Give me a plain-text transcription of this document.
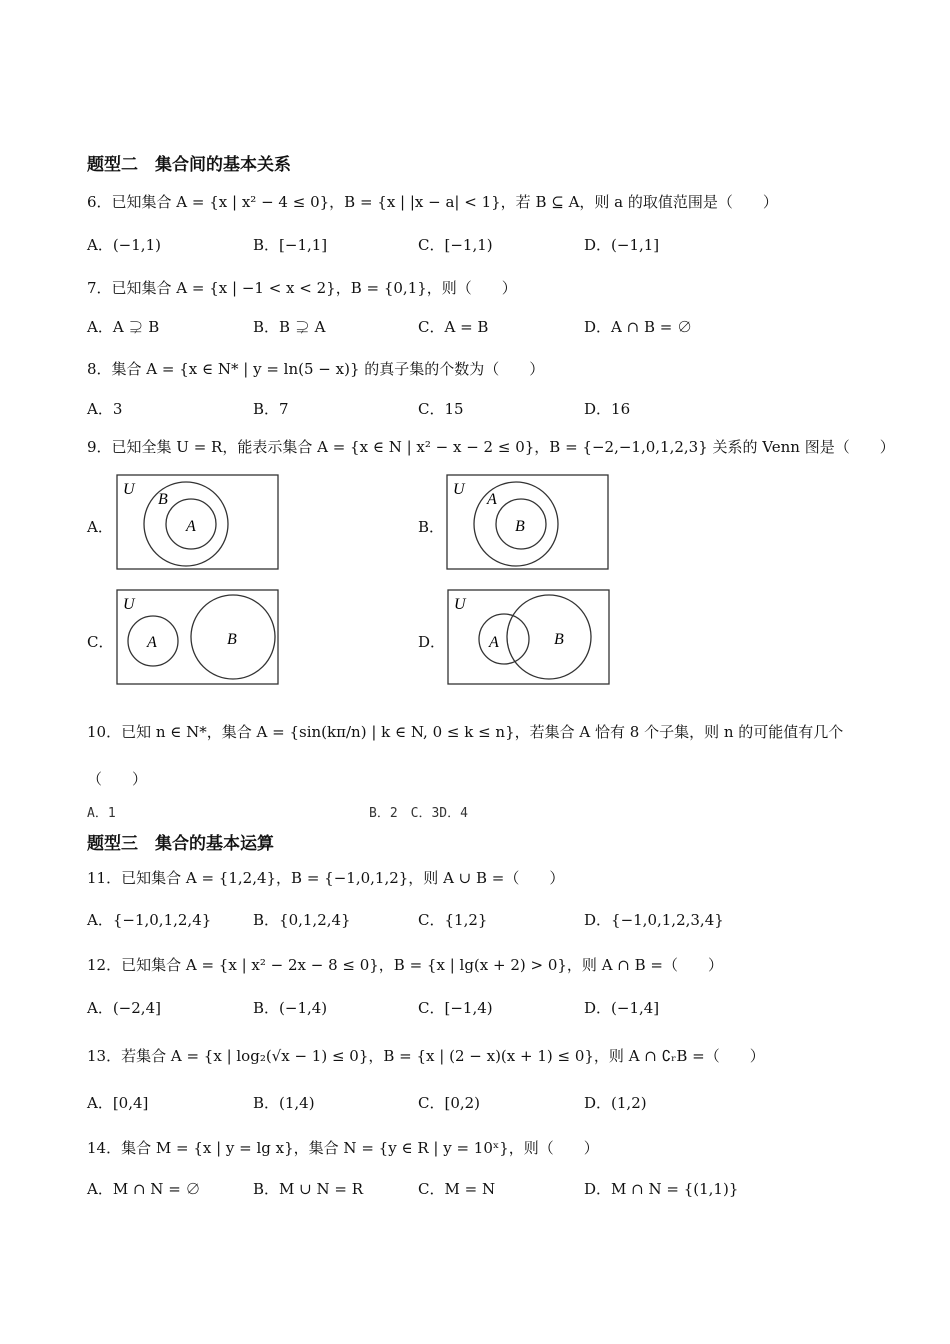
题型二　集合间的基本关系
6．已知集合 A = {x | x² − 4 ≤ 0}，B = {x | |x − a| < 1}，若 B ⊆ A，则 a 的取值范围是（　　）
A．(−1,1)	B．[−1,1]	C．[−1,1)	D．(−1,1]
7．已知集合 A = {x | −1 < x < 2}，B = {0,1}，则（　　）
A．A ⊋ B	B．B ⊋ A	C．A = B	D．A ∩ B = ∅
8．集合 A = {x ∈ N* | y = ln(5 − x)} 的真子集的个数为（　　）
A．3	B．7	C．15	D．16
9．已知全集 U = R，能表示集合 A = {x ∈ N | x² − x − 2 ≤ 0}，B = {−2,−1,0,1,2,3} 关系的 Venn 图是（　　）
A．
U
B
A	B．
U
A
B
C．
U
A	B	D．
U
A	B
10．已知 n ∈ N*，集合 A = {sin(kπ/n) | k ∈ N, 0 ≤ k ≤ n}，若集合 A 恰有 8 个子集，则 n 的可能值有几个
（　　）
A．1	B．2　C．3D．4
题型三　集合的基本运算
11．已知集合 A = {1,2,4}，B = {−1,0,1,2}，则 A ∪ B =（　　）
A．{−1,0,1,2,4}	B．{0,1,2,4}	C．{1,2}	D．{−1,0,1,2,3,4}
12．已知集合 A = {x | x² − 2x − 8 ≤ 0}，B = {x | lg(x + 2) > 0}，则 A ∩ B =（　　）
A．(−2,4]	B．(−1,4)	C．[−1,4)	D．(−1,4]
13．若集合 A = {x | log₂(√x − 1) ≤ 0}，B = {x | (2 − x)(x + 1) ≤ 0}，则 A ∩ ∁ᵣB =（　　）
A．[0,4]	B．(1,4)	C．[0,2)	D．(1,2)
14．集合 M = {x | y = lg x}，集合 N = {y ∈ R | y = 10ˣ}，则（　　）
A．M ∩ N = ∅	B．M ∪ N = R	C．M = N	D．M ∩ N = {(1,1)}
